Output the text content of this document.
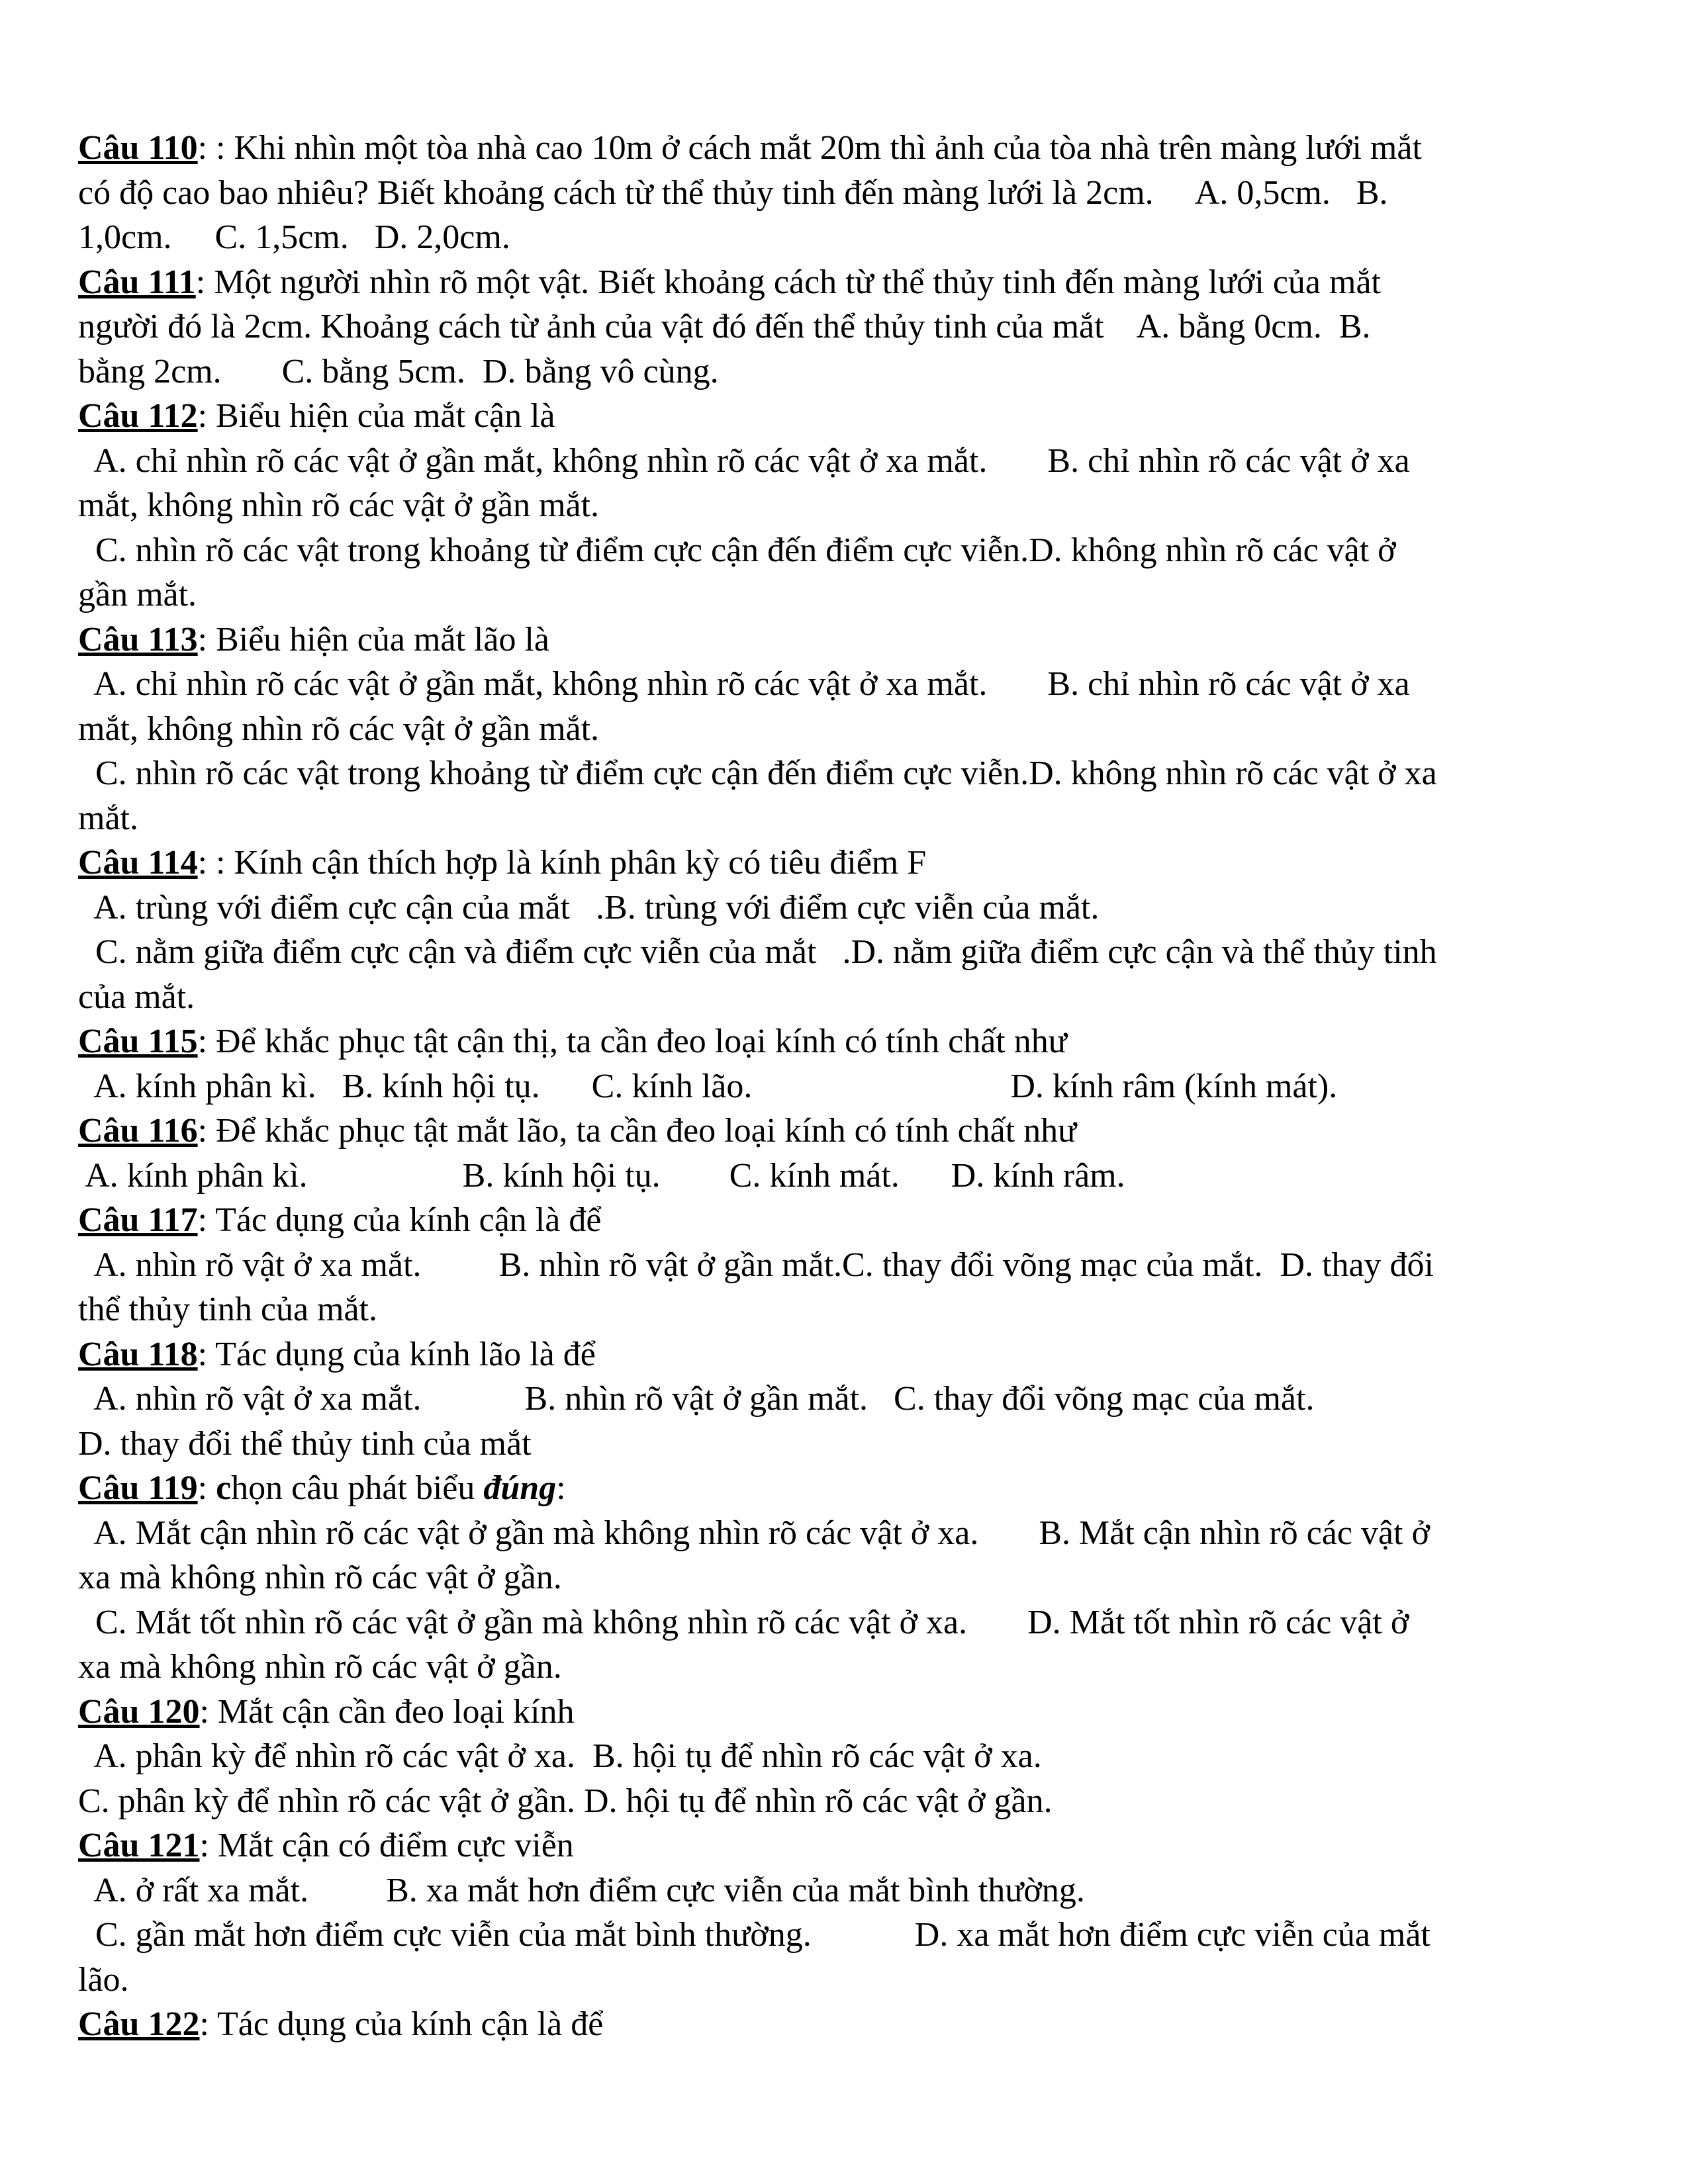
Câu 110: : Khi nhìn một tòa nhà cao 10m ở cách mắt 20m thì ảnh của tòa nhà trên màng lưới mắt
có độ cao bao nhiêu? Biết khoảng cách từ thể thủy tinh đến màng lưới là 2cm.     A. 0,5cm.   B.
1,0cm.     C. 1,5cm.   D. 2,0cm.
Câu 111: Một người nhìn rõ một vật. Biết khoảng cách từ thể thủy tinh đến màng lưới của mắt
người đó là 2cm. Khoảng cách từ ảnh của vật đó đến thể thủy tinh của mắt    A. bằng 0cm.  B.
bằng 2cm.       C. bằng 5cm.  D. bằng vô cùng.
Câu 112: Biểu hiện của mắt cận là
A. chỉ nhìn rõ các vật ở gần mắt, không nhìn rõ các vật ở xa mắt.       B. chỉ nhìn rõ các vật ở xa
mắt, không nhìn rõ các vật ở gần mắt.
C. nhìn rõ các vật trong khoảng từ điểm cực cận đến điểm cực viễn.D. không nhìn rõ các vật ở
gần mắt.
Câu 113: Biểu hiện của mắt lão là
A. chỉ nhìn rõ các vật ở gần mắt, không nhìn rõ các vật ở xa mắt.       B. chỉ nhìn rõ các vật ở xa
mắt, không nhìn rõ các vật ở gần mắt.
C. nhìn rõ các vật trong khoảng từ điểm cực cận đến điểm cực viễn.D. không nhìn rõ các vật ở xa
mắt.
Câu 114: : Kính cận thích hợp là kính phân kỳ có tiêu điểm F
A. trùng với điểm cực cận của mắt   .B. trùng với điểm cực viễn của mắt.
C. nằm giữa điểm cực cận và điểm cực viễn của mắt   .D. nằm giữa điểm cực cận và thể thủy tinh
của mắt.
Câu 115: Để khắc phục tật cận thị, ta cần đeo loại kính có tính chất như
A. kính phân kì.   B. kính hội tụ.      C. kính lão.                              D. kính râm (kính mát).
Câu 116: Để khắc phục tật mắt lão, ta cần đeo loại kính có tính chất như
A. kính phân kì.                  B. kính hội tụ.        C. kính mát.      D. kính râm.
Câu 117: Tác dụng của kính cận là để
A. nhìn rõ vật ở xa mắt.         B. nhìn rõ vật ở gần mắt.C. thay đổi võng mạc của mắt.  D. thay đổi
thể thủy tinh của mắt.
Câu 118: Tác dụng của kính lão là để
A. nhìn rõ vật ở xa mắt.            B. nhìn rõ vật ở gần mắt.   C. thay đổi võng mạc của mắt.
D. thay đổi thể thủy tinh của mắt
Câu 119: chọn câu phát biểu đúng:
A. Mắt cận nhìn rõ các vật ở gần mà không nhìn rõ các vật ở xa.       B. Mắt cận nhìn rõ các vật ở
xa mà không nhìn rõ các vật ở gần.
C. Mắt tốt nhìn rõ các vật ở gần mà không nhìn rõ các vật ở xa.       D. Mắt tốt nhìn rõ các vật ở
xa mà không nhìn rõ các vật ở gần.
Câu 120: Mắt cận cần đeo loại kính
A. phân kỳ để nhìn rõ các vật ở xa.  B. hội tụ để nhìn rõ các vật ở xa.
C. phân kỳ để nhìn rõ các vật ở gần. D. hội tụ để nhìn rõ các vật ở gần.
Câu 121: Mắt cận có điểm cực viễn
A. ở rất xa mắt.         B. xa mắt hơn điểm cực viễn của mắt bình thường.
C. gần mắt hơn điểm cực viễn của mắt bình thường.            D. xa mắt hơn điểm cực viễn của mắt
lão.
Câu 122: Tác dụng của kính cận là để
